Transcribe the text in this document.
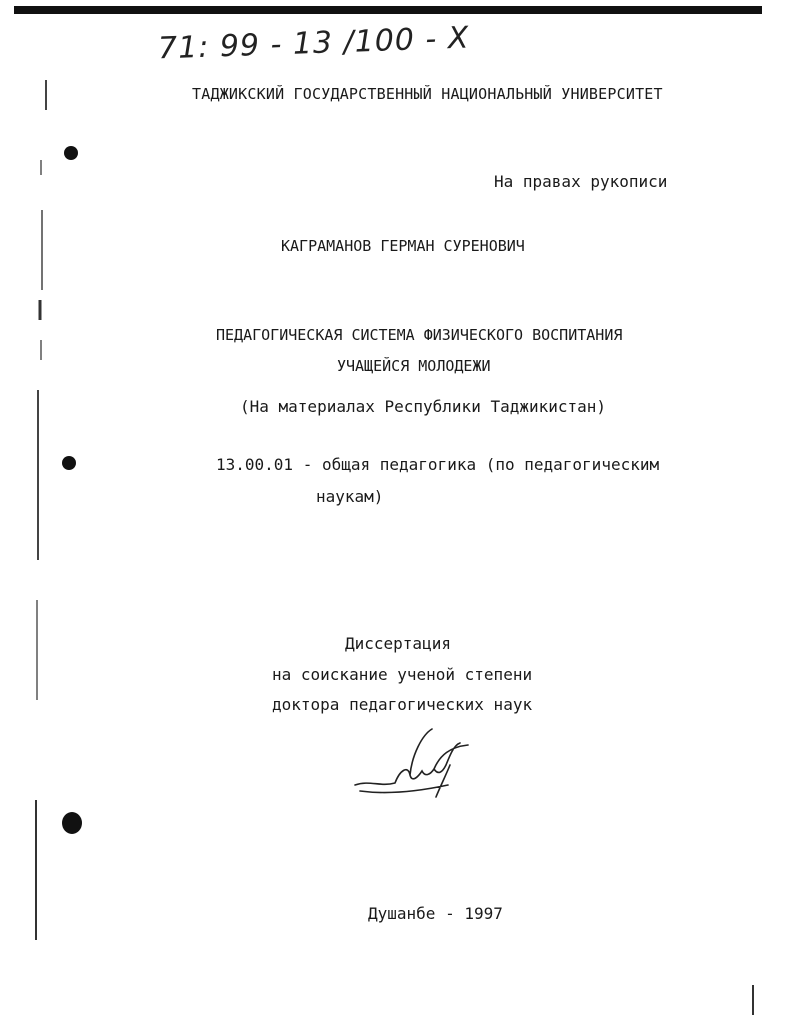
71: 99 - 13 /100 - X
ТАДЖИКСКИЙ ГОСУДАРСТВЕННЫЙ НАЦИОНАЛЬНЫЙ УНИВЕРСИТЕТ
На правах рукописи
КАГРАМАНОВ ГЕРМАН СУРЕНОВИЧ
ПЕДАГОГИЧЕСКАЯ СИСТЕМА ФИЗИЧЕСКОГО ВОСПИТАНИЯ
УЧАЩЕЙСЯ МОЛОДЕЖИ
(На материалах Республики Таджикистан)
13.00.01 - общая педагогика (по педагогическим
наукам)
Диссертация
на соискание ученой степени
доктора педагогических наук
Душанбе - 1997
